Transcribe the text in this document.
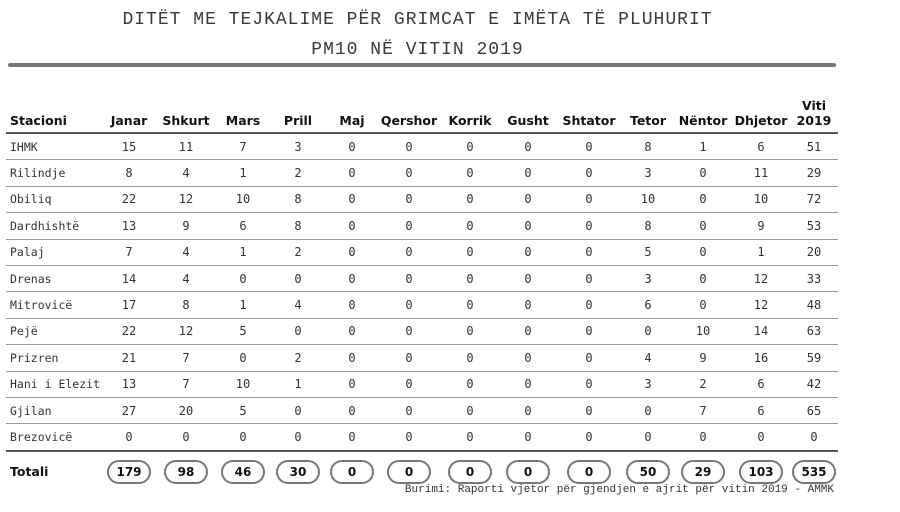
DITËT ME TEJKALIME PËR GRIMCAT E IMËTA TË PLUHURIT
PM10 NË VITIN 2019
Stacioni	Janar	Shkurt	Mars	Prill	Maj	Qershor	Korrik	Gusht	Shtator	Tetor	Nëntor	Dhjetor	Viti
2019
IHMK	15	11	7	3	0	0	0	0	0	8	1	6	51
Rilindje	8	4	1	2	0	0	0	0	0	3	0	11	29
Obiliq	22	12	10	8	0	0	0	0	0	10	0	10	72
Dardhishtë	13	9	6	8	0	0	0	0	0	8	0	9	53
Palaj	7	4	1	2	0	0	0	0	0	5	0	1	20
Drenas	14	4	0	0	0	0	0	0	0	3	0	12	33
Mitrovicë	17	8	1	4	0	0	0	0	0	6	0	12	48
Pejë	22	12	5	0	0	0	0	0	0	0	10	14	63
Prizren	21	7	0	2	0	0	0	0	0	4	9	16	59
Hani i Elezit	13	7	10	1	0	0	0	0	0	3	2	6	42
Gjilan	27	20	5	0	0	0	0	0	0	0	7	6	65
Brezovicë	0	0	0	0	0	0	0	0	0	0	0	0	0
Totali	179	98	46	30	0	0	0	0	0	50	29	103	535
Burimi: Raporti vjetor për gjendjen e ajrit për vitin 2019 - AMMK
